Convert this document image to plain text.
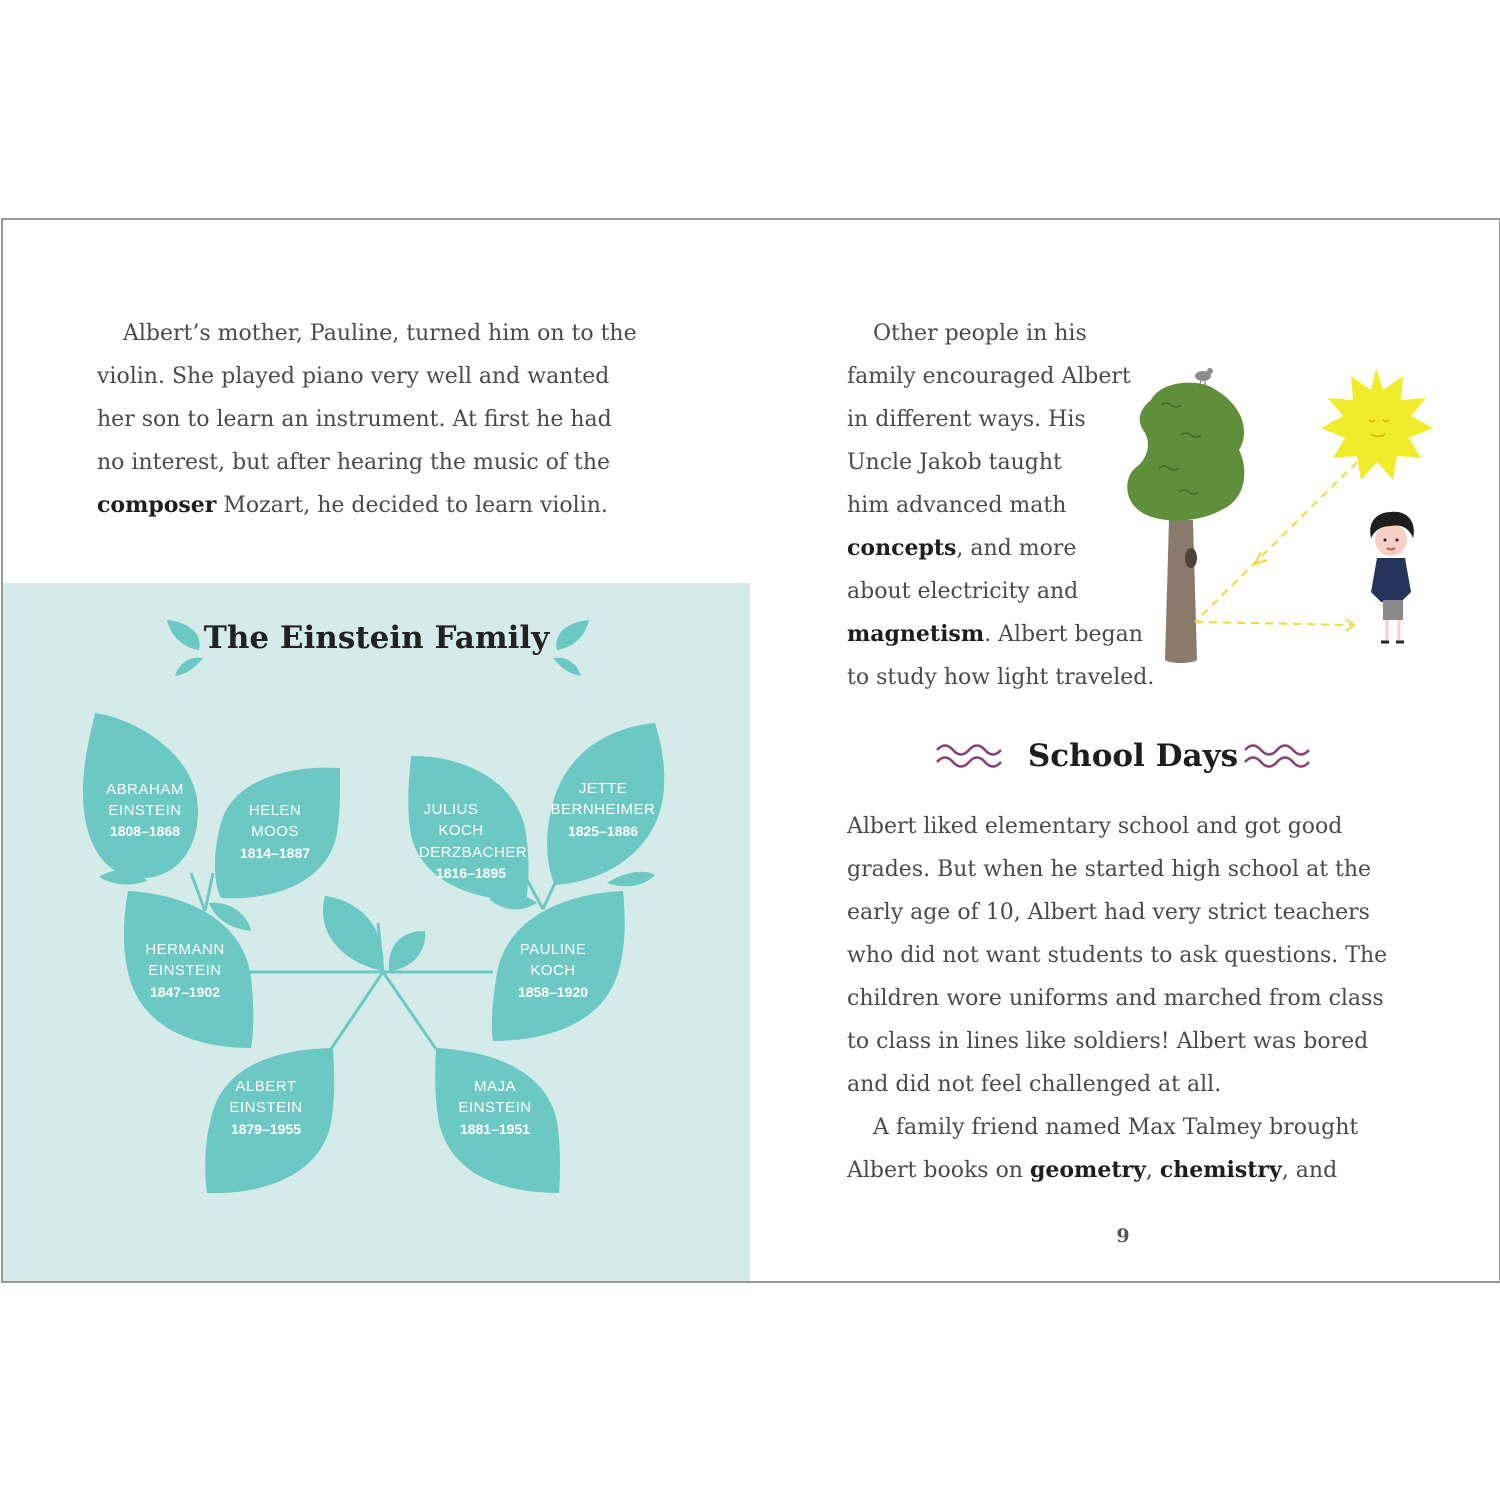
Albert’s mother, Pauline, turned him on to the
violin. She played piano very well and wanted
her son to learn an instrument. At first he had
no interest, but after hearing the music of the
composer Mozart, he decided to learn violin.
The Einstein Family
ABRAHAM
EINSTEIN
1808–1868
HELEN
MOOS
1814–1887
JULIUS
KOCH
DERZBACHER
1816–1895
JETTE
BERNHEIMER
1825–1886
HERMANN
EINSTEIN
1847–1902
PAULINE
KOCH
1858–1920
ALBERT
EINSTEIN
1879–1955
MAJA
EINSTEIN
1881–1951
Other people in his
family encouraged Albert
in different ways. His
Uncle Jakob taught
him advanced math
concepts, and more
about electricity and
magnetism. Albert began
to study how light traveled.
School Days
Albert liked elementary school and got good
grades. But when he started high school at the
early age of 10, Albert had very strict teachers
who did not want students to ask questions. The
children wore uniforms and marched from class
to class in lines like soldiers! Albert was bored
and did not feel challenged at all.
A family friend named Max Talmey brought
Albert books on geometry, chemistry, and
9
